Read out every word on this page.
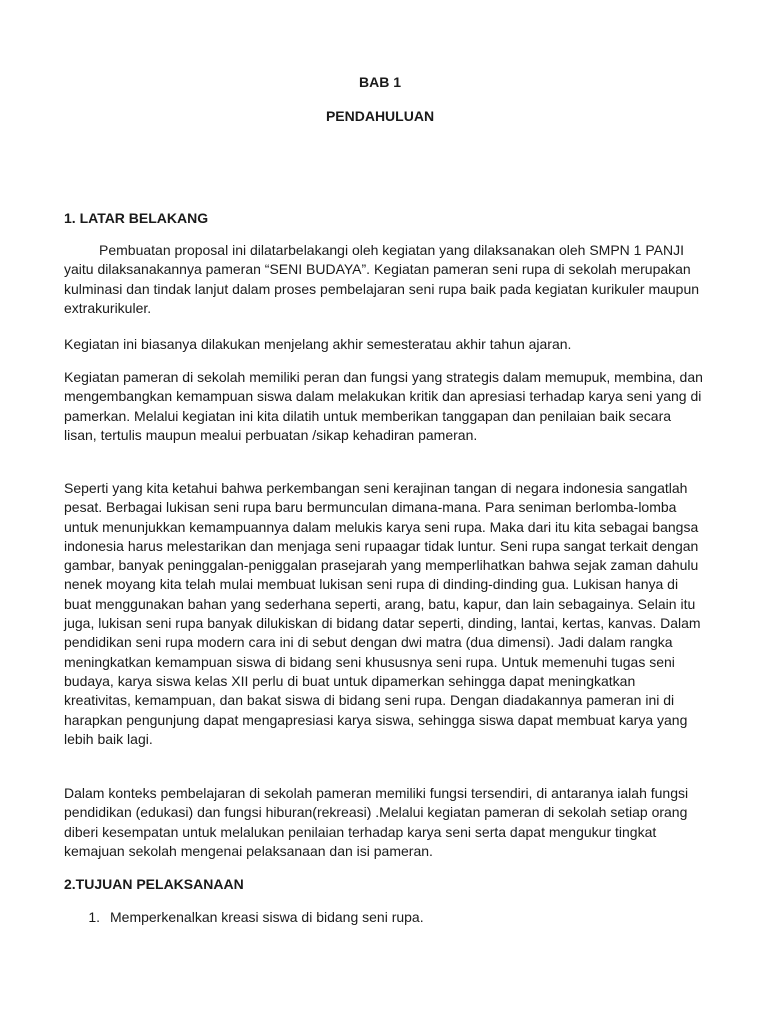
BAB 1
PENDAHULUAN
1. LATAR BELAKANG

Pembuatan proposal ini dilatarbelakangi oleh kegiatan yang dilaksanakan oleh SMPN 1 PANJI yaitu dilaksanakannya pameran “SENI BUDAYA”. Kegiatan pameran seni rupa di sekolah merupakan kulminasi dan tindak lanjut dalam proses pembelajaran seni rupa baik pada kegiatan kurikuler maupun extrakurikuler.

Kegiatan ini biasanya dilakukan menjelang akhir semesteratau akhir tahun ajaran.

Kegiatan pameran di sekolah memiliki peran dan fungsi yang strategis dalam memupuk, membina, dan mengembangkan kemampuan siswa dalam melakukan kritik dan apresiasi terhadap karya seni yang di pamerkan. Melalui kegiatan ini kita dilatih untuk memberikan tanggapan dan penilaian baik secara lisan, tertulis maupun mealui perbuatan /sikap kehadiran pameran.

Seperti yang kita ketahui bahwa perkembangan seni kerajinan tangan di negara indonesia sangatlah pesat. Berbagai lukisan seni rupa baru bermunculan dimana-mana. Para seniman berlomba-lomba untuk menunjukkan kemampuannya dalam melukis karya seni rupa. Maka dari itu kita sebagai bangsa indonesia harus melestarikan dan menjaga seni rupaagar tidak luntur. Seni rupa sangat terkait dengan gambar, banyak peninggalan-peniggalan prasejarah yang memperlihatkan bahwa sejak zaman dahulu nenek moyang kita telah mulai membuat lukisan seni rupa di dinding-dinding gua. Lukisan hanya di buat menggunakan bahan yang sederhana seperti, arang, batu, kapur, dan lain sebagainya. Selain itu juga, lukisan seni rupa banyak dilukiskan di bidang datar seperti, dinding, lantai, kertas, kanvas. Dalam pendidikan seni rupa modern cara ini di sebut dengan dwi matra (dua dimensi). Jadi dalam rangka meningkatkan kemampuan siswa di bidang seni khususnya seni rupa. Untuk memenuhi tugas seni budaya, karya siswa kelas XII perlu di buat untuk dipamerkan sehingga dapat meningkatkan kreativitas, kemampuan, dan bakat siswa di bidang seni rupa. Dengan diadakannya pameran ini di harapkan pengunjung dapat mengapresiasi karya siswa, sehingga siswa dapat membuat karya yang lebih baik lagi.

Dalam konteks pembelajaran di sekolah pameran memiliki fungsi tersendiri, di antaranya ialah fungsi pendidikan (edukasi) dan fungsi hiburan(rekreasi) .Melalui kegiatan pameran di sekolah setiap orang diberi kesempatan untuk melalukan penilaian terhadap karya seni serta dapat mengukur tingkat kemajuan sekolah mengenai pelaksanaan dan isi pameran.

2.TUJUAN PELAKSANAAN
1. Memperkenalkan kreasi siswa di bidang seni rupa.
